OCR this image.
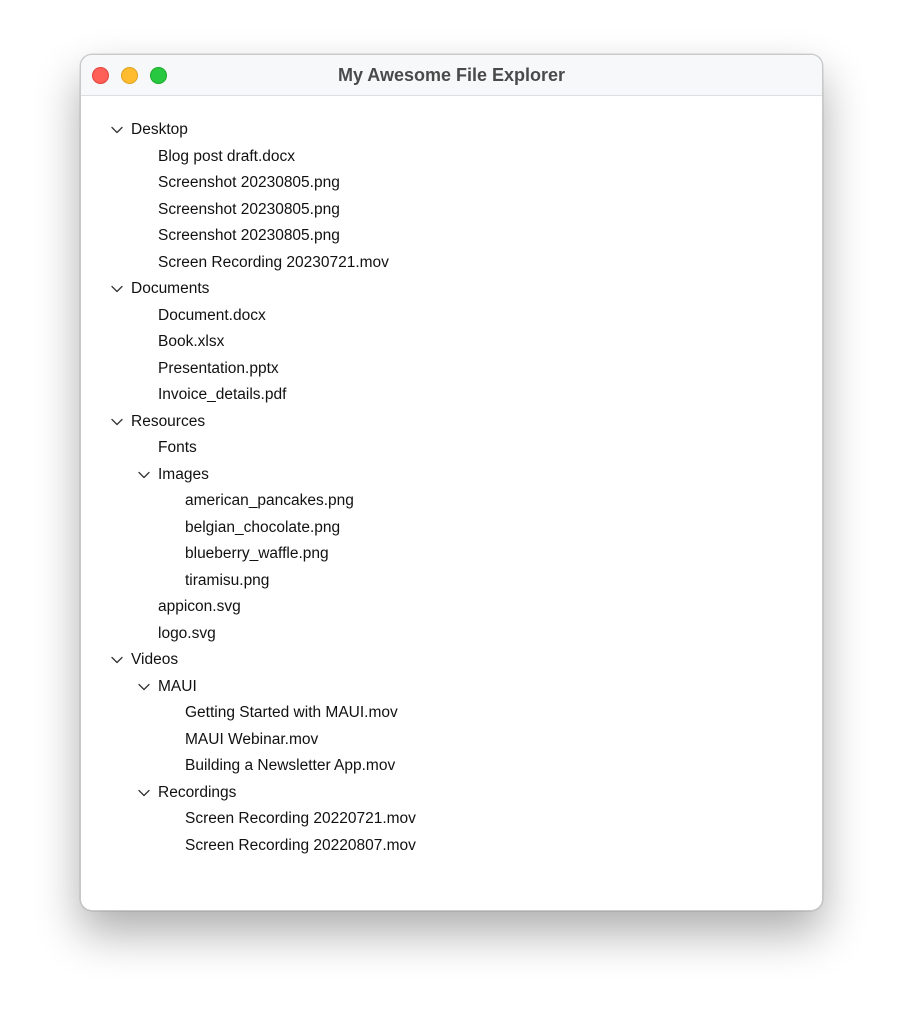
My Awesome File Explorer
Desktop
Blog post draft.docx
Screenshot 20230805.png
Screenshot 20230805.png
Screenshot 20230805.png
Screen Recording 20230721.mov
Documents
Document.docx
Book.xlsx
Presentation.pptx
Invoice_details.pdf
Resources
Fonts
Images
american_pancakes.png
belgian_chocolate.png
blueberry_waffle.png
tiramisu.png
appicon.svg
logo.svg
Videos
MAUI
Getting Started with MAUI.mov
MAUI Webinar.mov
Building a Newsletter App.mov
Recordings
Screen Recording 20220721.mov
Screen Recording 20220807.mov
